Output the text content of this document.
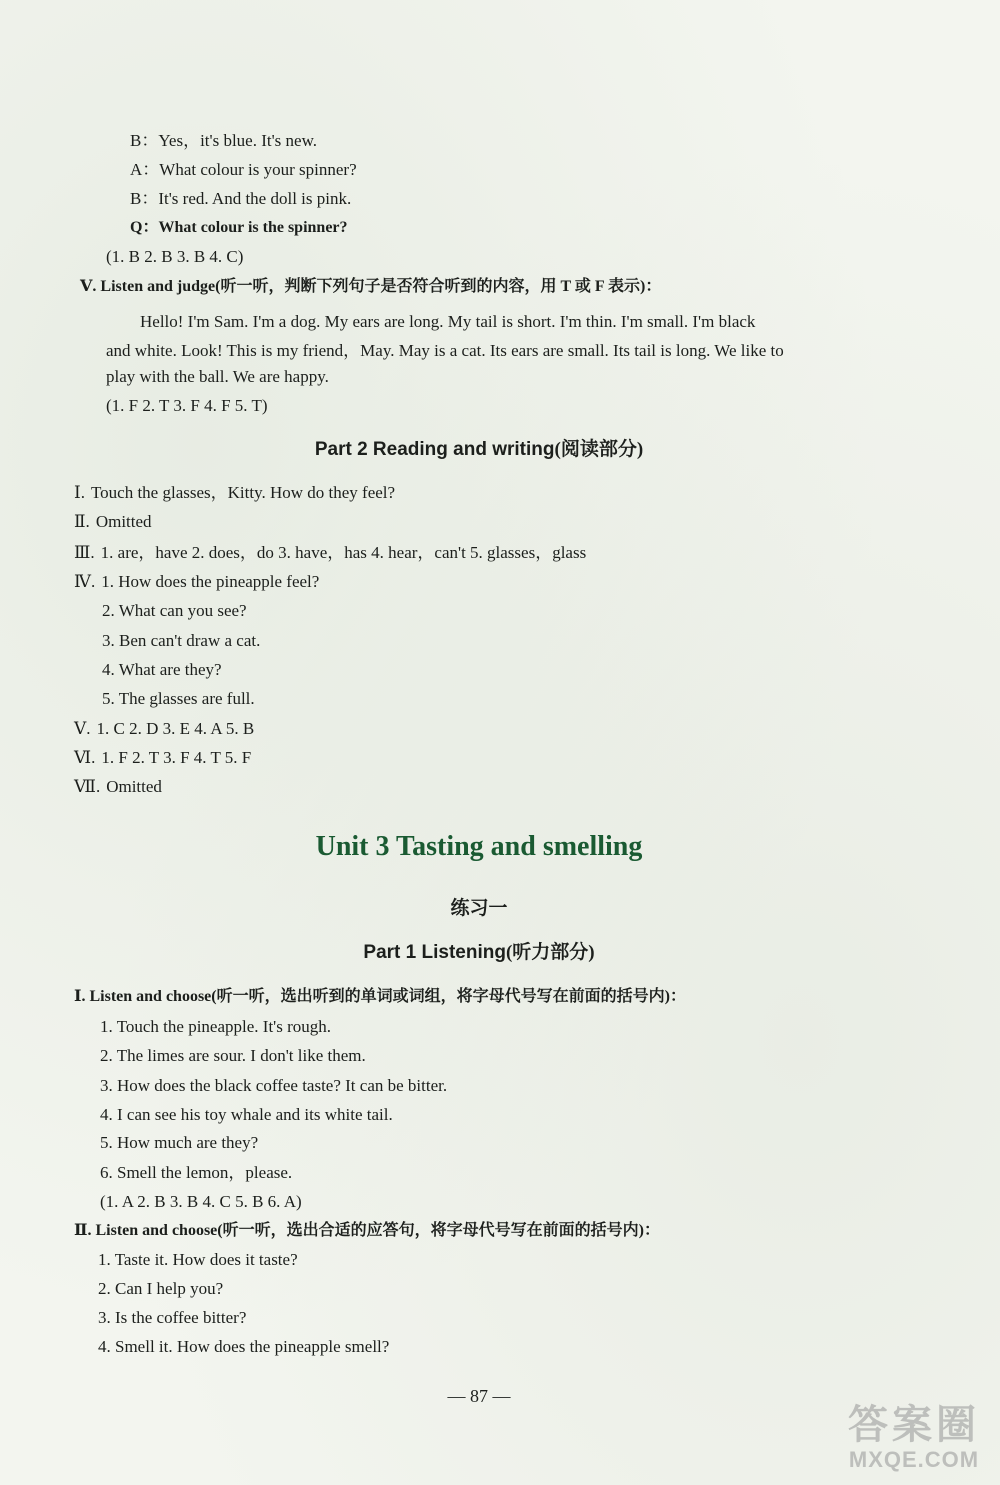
B：Yes，it's blue. It's new.
A：What colour is your spinner?
B：It's red. And the doll is pink.
Q：What colour is the spinner?
(1. B 2. B 3. B 4. C)
Ⅴ. Listen and judge(听一听，判断下列句子是否符合听到的内容，用 T 或 F 表示)：
Hello! I'm Sam. I'm a dog. My ears are long. My tail is short. I'm thin. I'm small. I'm black
and white. Look! This is my friend，May. May is a cat. Its ears are small. Its tail is long. We like to
play with the ball. We are happy.
(1. F 2. T 3. F 4. F 5. T)
Part 2 Reading and writing(阅读部分)
Ⅰ. Touch the glasses，Kitty. How do they feel?
Ⅱ. Omitted
Ⅲ. 1. are，have 2. does，do 3. have，has 4. hear，can't 5. glasses，glass
Ⅳ. 1. How does the pineapple feel?
2. What can you see?
3. Ben can't draw a cat.
4. What are they?
5. The glasses are full.
Ⅴ. 1. C 2. D 3. E 4. A 5. B
Ⅵ. 1. F 2. T 3. F 4. T 5. F
Ⅶ. Omitted
Unit 3 Tasting and smelling
练习一
Part 1 Listening(听力部分)
Ⅰ. Listen and choose(听一听，选出听到的单词或词组，将字母代号写在前面的括号内)：
1. Touch the pineapple. It's rough.
2. The limes are sour. I don't like them.
3. How does the black coffee taste? It can be bitter.
4. I can see his toy whale and its white tail.
5. How much are they?
6. Smell the lemon，please.
(1. A 2. B 3. B 4. C 5. B 6. A)
Ⅱ. Listen and choose(听一听，选出合适的应答句，将字母代号写在前面的括号内)：
1. Taste it. How does it taste?
2. Can I help you?
3. Is the coffee bitter?
4. Smell it. How does the pineapple smell?
— 87 —
答案圈
MXQE.COM
